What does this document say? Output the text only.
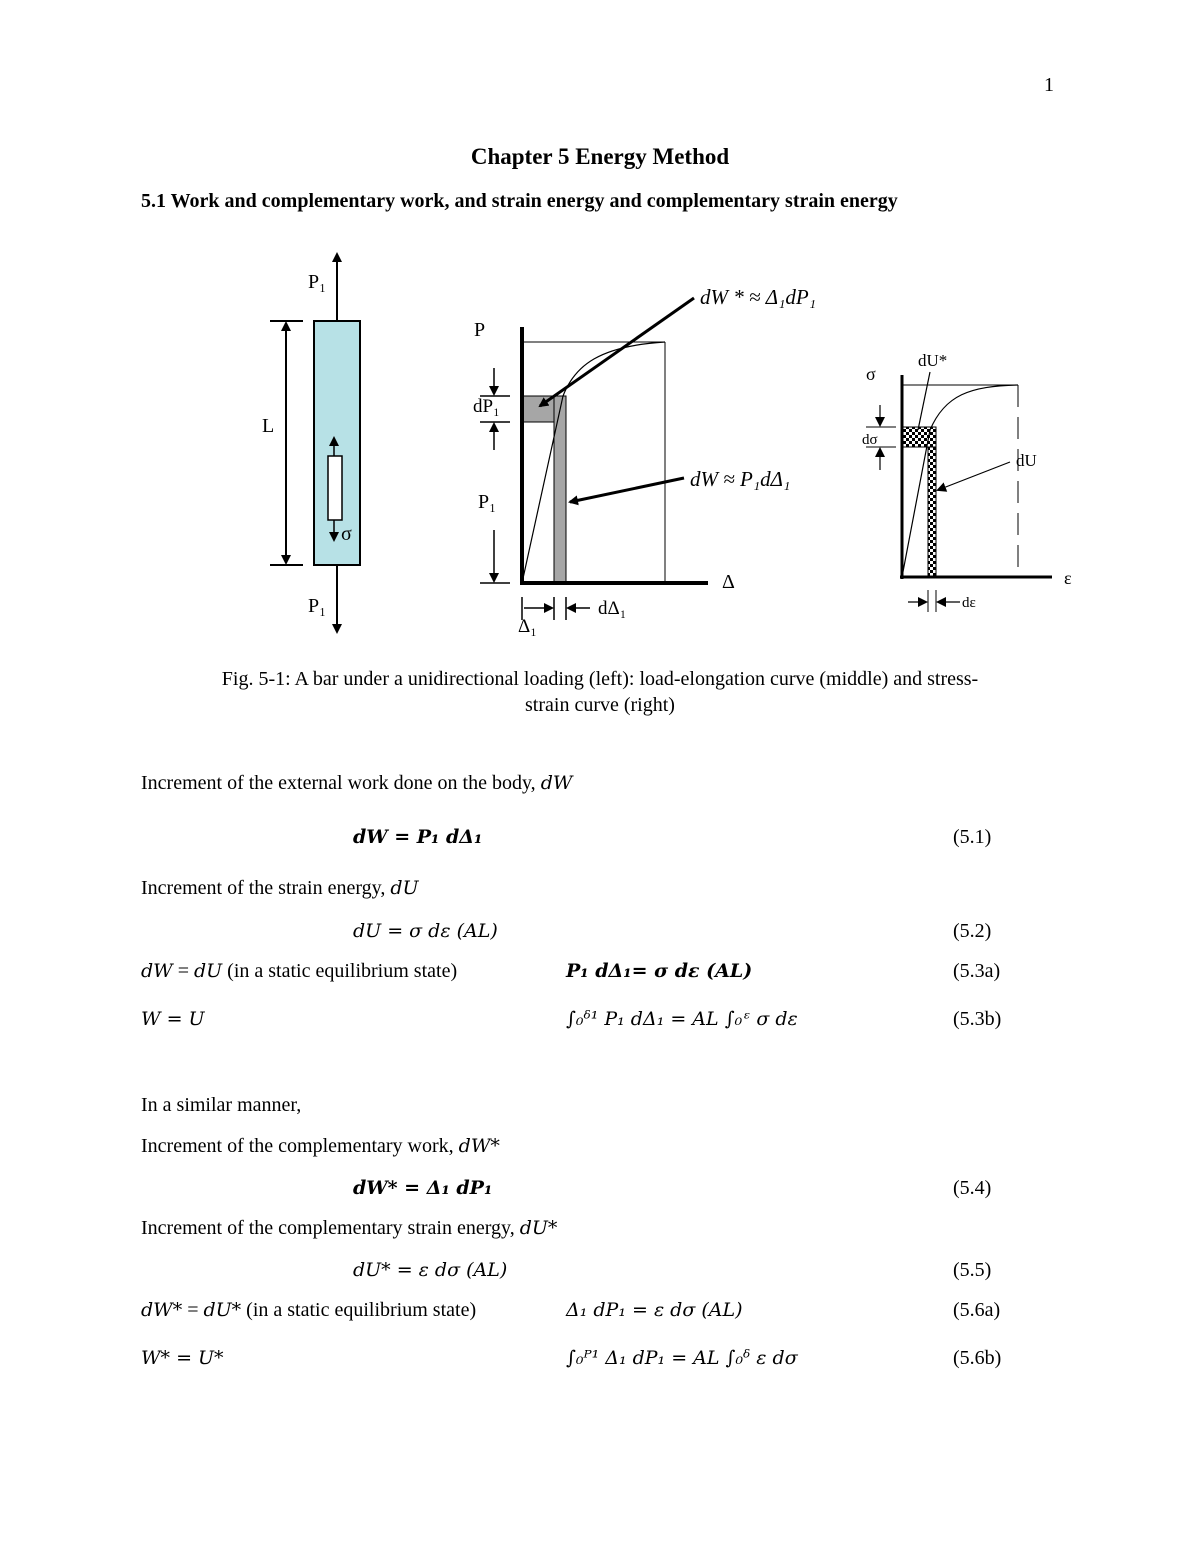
1
Chapter 5 Energy Method
5.1 Work and complementary work, and strain energy and complementary strain energy
P₁
P₁
L
σ
P
Δ
dP₁
P₁
Δ₁
dΔ₁
dW * ≈ Δ₁dP₁
dW ≈ P₁dΔ₁
σ
ε
dU*
dU
dσ
dε
Fig. 5-1: A bar under a unidirectional loading (left): load-elongation curve (middle) and stress-
strain curve (right)
Increment of the external work done on the body, dW
dW = P₁ dΔ₁	(5.1)
Increment of the strain energy, dU
dU = σ dε (AL)	(5.2)
dW = dU (in a static equilibrium state)	P₁ dΔ₁= σ dε (AL)	(5.3a)
W = U	∫₀ᵟ¹ P₁ dΔ₁ = AL ∫₀ᵋ σ dε	(5.3b)
In a similar manner,
Increment of the complementary work, dW*
dW* = Δ₁ dP₁	(5.4)
Increment of the complementary strain energy, dU*
dU* = ε dσ (AL)	(5.5)
dW* = dU* (in a static equilibrium state)	Δ₁ dP₁ = ε dσ (AL)	(5.6a)
W* = U*	∫₀ᴾ¹ Δ₁ dP₁ = AL ∫₀ᵟ ε dσ	(5.6b)
